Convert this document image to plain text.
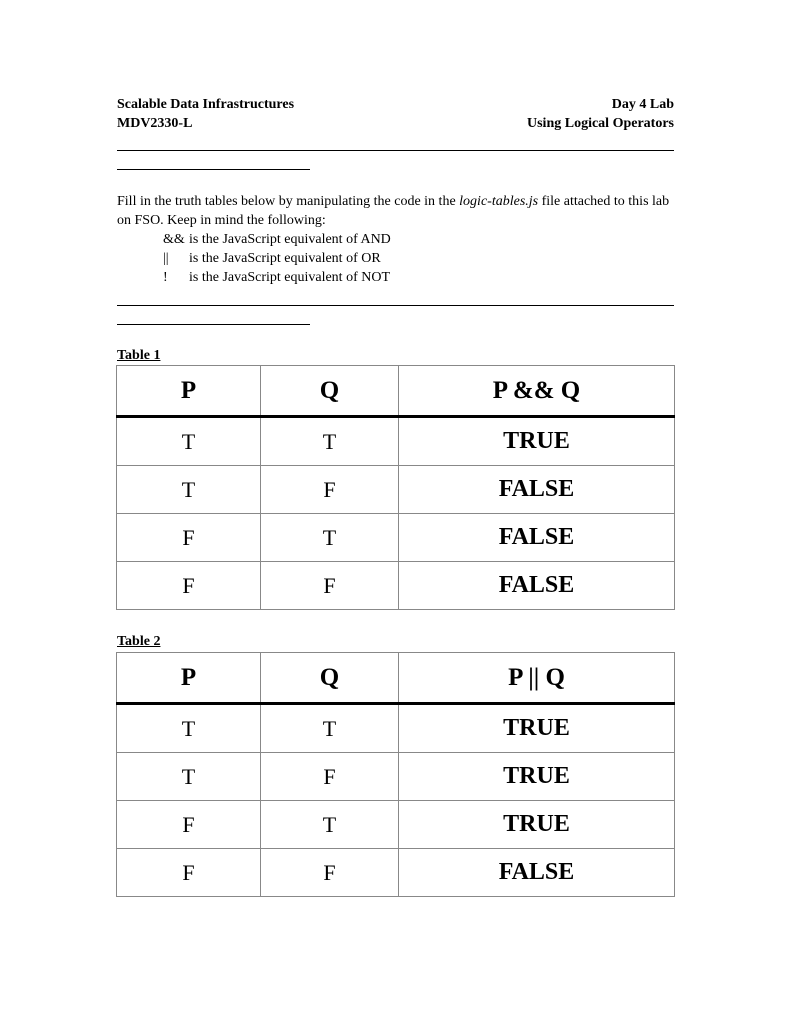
Scalable Data Infrastructures
MDV2330-L
Day 4 Lab
Using Logical Operators
Fill in the truth tables below by manipulating the code in the logic-tables.js file attached to this lab on FSO. Keep in mind the following:
&& is the JavaScript equivalent of AND
|| is the JavaScript equivalent of OR
! is the JavaScript equivalent of NOT
Table 1
P	Q	P && Q
T	T	TRUE
T	F	FALSE
F	T	FALSE
F	F	FALSE
Table 2
P	Q	P || Q
T	T	TRUE
T	F	TRUE
F	T	TRUE
F	F	FALSE
